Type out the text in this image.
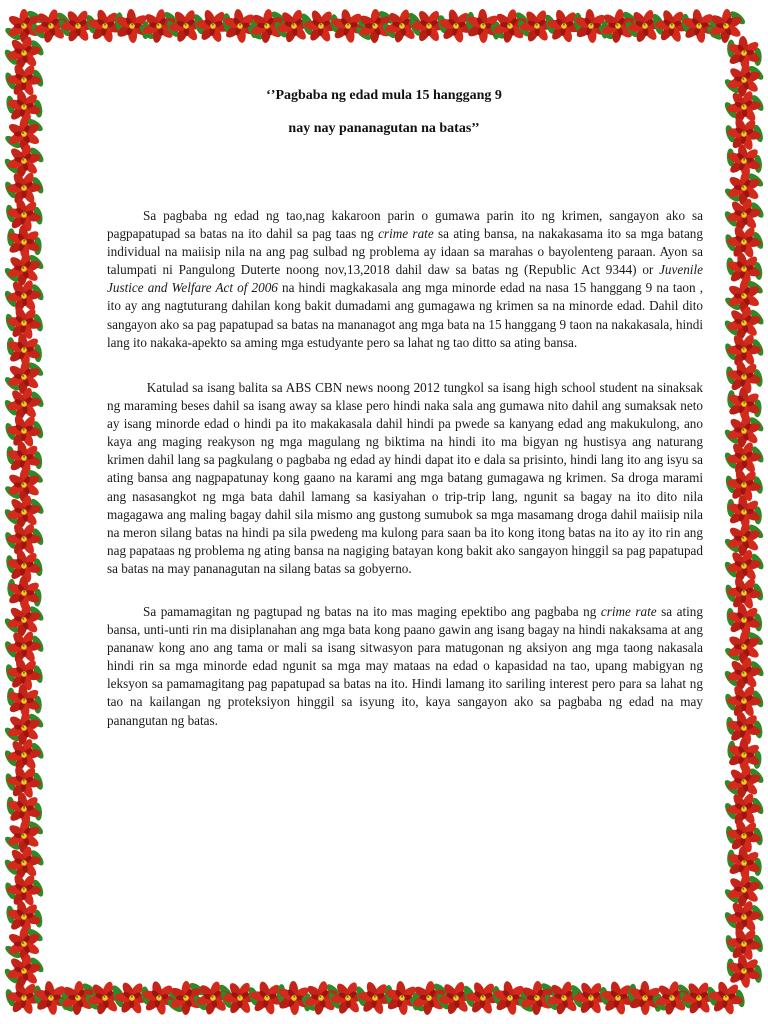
‘’Pagbaba ng edad mula 15 hanggang 9
nay nay pananagutan na batas’’

Sa pagbaba ng edad ng tao,nag kakaroon parin o gumawa parin ito ng krimen, sangayon ako sa pagpapatupad sa batas na ito dahil sa pag taas ng crime rate sa ating bansa, na nakakasama ito sa mga batang individual na maiisip nila na ang pag sulbad ng problema ay idaan sa marahas o bayolenteng paraan. Ayon sa talumpati ni Pangulong Duterte noong nov,13,2018 dahil daw sa batas ng (Republic Act 9344) or Juvenile Justice and Welfare Act of 2006 na hindi magkakasala ang mga minorde edad na nasa 15 hanggang 9 na taon , ito ay ang nagtuturang dahilan kong bakit dumadami ang gumagawa ng krimen sa na minorde edad. Dahil dito sangayon ako sa pag papatupad sa batas na mananagot ang mga bata na 15 hanggang 9 taon na nakakasala, hindi lang ito nakaka-apekto sa aming mga estudyante pero sa lahat ng tao ditto sa ating bansa.

Katulad sa isang balita sa ABS CBN news noong 2012 tungkol sa isang high school student na sinaksak ng maraming beses dahil sa isang away sa klase pero hindi naka sala ang gumawa nito dahil ang sumaksak neto ay isang minorde edad o hindi pa ito makakasala dahil hindi pa pwede sa kanyang edad ang makukulong, ano kaya ang maging reakyson ng mga magulang ng biktima na hindi ito ma bigyan ng hustisya ang naturang krimen dahil lang sa pagkulang o pagbaba ng edad ay hindi dapat ito e dala sa prisinto, hindi lang ito ang isyu sa ating bansa ang nagpapatunay kong gaano na karami ang mga batang gumagawa ng krimen. Sa droga marami ang nasasangkot ng mga bata dahil lamang sa kasiyahan o trip-trip lang, ngunit sa bagay na ito dito nila magagawa ang maling bagay dahil sila mismo ang gustong sumubok sa mga masamang droga dahil maiisip nila na meron silang batas na hindi pa sila pwedeng ma kulong para saan ba ito kong itong batas na ito ay ito rin ang nag papataas ng problema ng ating bansa na nagiging batayan kong bakit ako sangayon hinggil sa pag papatupad sa batas na may pananagutan na silang batas sa gobyerno.

Sa pamamagitan ng pagtupad ng batas na ito mas maging epektibo ang pagbaba ng crime rate sa ating bansa, unti-unti rin ma disiplanahan ang mga bata kong paano gawin ang isang bagay na hindi nakaksama at ang pananaw kong ano ang tama or mali sa isang sitwasyon para matugonan ng aksiyon ang mga taong nakasala hindi rin sa mga minorde edad ngunit sa mga may mataas na edad o kapasidad na tao, upang mabigyan ng leksyon sa pamamagitang pag papatupad sa batas na ito. Hindi lamang ito sariling interest pero para sa lahat ng tao na kailangan ng proteksiyon hinggil sa isyung ito, kaya sangayon ako sa pagbaba ng edad na may panangutan ng batas.
